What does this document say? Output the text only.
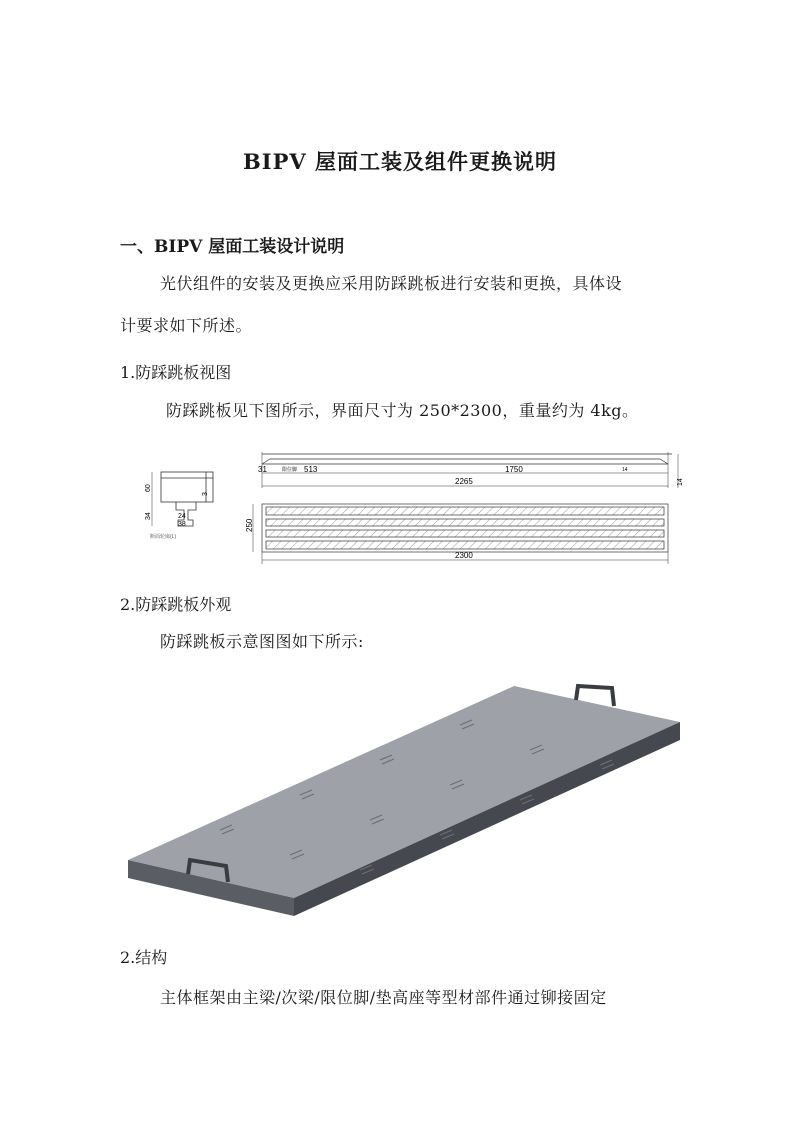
BIPV 屋面工装及组件更换说明
一、BIPV 屋面工装设计说明
光伏组件的安装及更换应采用防踩跳板进行安装和更换，具体设
计要求如下所述。
1.防踩跳板视图
防踩跳板见下图所示，界面尺寸为 250*2300，重量约为 4kg。
60
34	24
38
3
断面轮廓(L)
31	限位脚 513	1750	14
2265	14
250
2300
2.防踩跳板外观
防踩跳板示意图图如下所示:
2.结构
主体框架由主梁/次梁/限位脚/垫高座等型材部件通过铆接固定
